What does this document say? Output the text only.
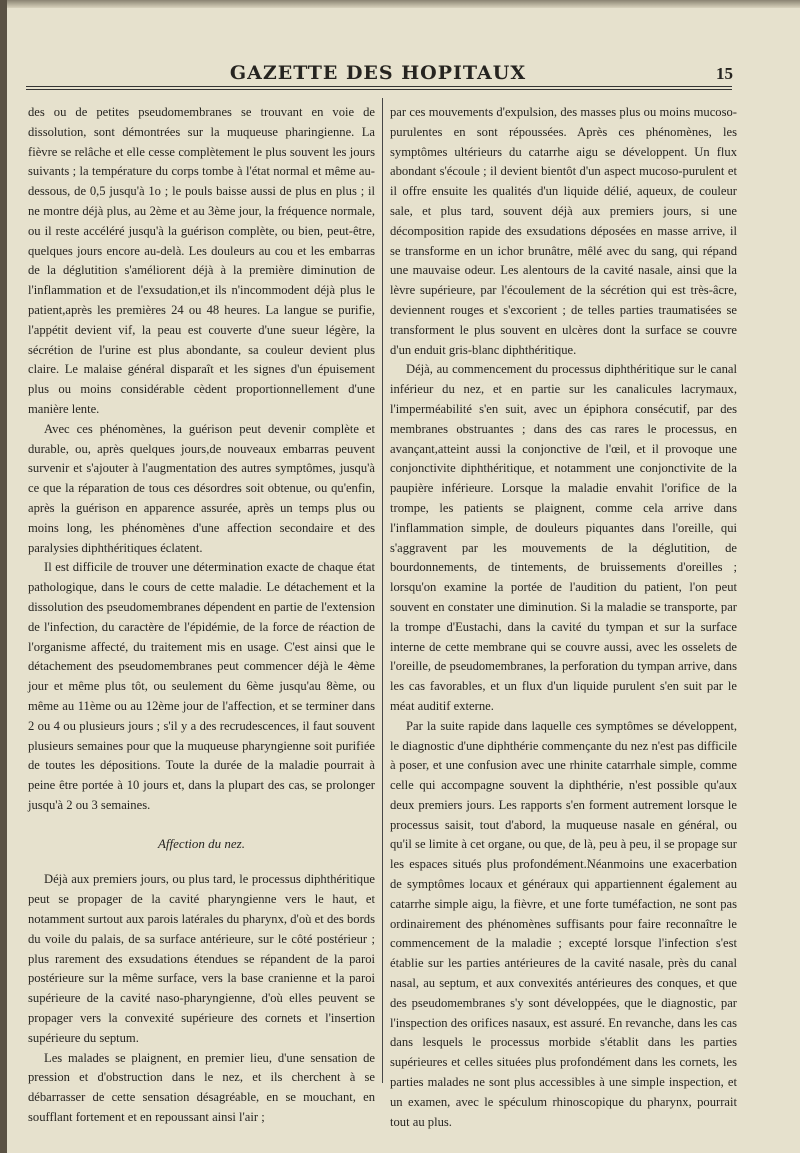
GAZETTE DES HOPITAUX	15

des ou de petites pseudomembranes se trouvant en voie de dissolution, sont démontrées sur la muqueuse pharingienne. La fièvre se relâche et elle cesse complètement le plus souvent les jours suivants ; la température du corps tombe à l'état normal et même au-dessous, de 0,5 jusqu'à 1o ; le pouls baisse aussi de plus en plus ; il ne montre déjà plus, au 2ème et au 3ème jour, la fréquence normale, ou il reste accéléré jusqu'à la guérison complète, ou bien, peut-être, quelques jours encore au-delà. Les douleurs au cou et les embarras de la déglutition s'améliorent déjà à la première diminution de l'inflammation et de l'exsudation,et ils n'incommodent déjà plus le patient,après les premières 24 ou 48 heures. La langue se purifie, l'appétit devient vif, la peau est couverte d'une sueur légère, la sécrétion de l'urine est plus abondante, sa couleur devient plus claire. Le malaise général disparaît et les signes d'un épuisement plus ou moins considérable cèdent proportionnellement d'une manière lente.

Avec ces phénomènes, la guérison peut devenir complète et durable, ou, après quelques jours,de nouveaux embarras peuvent survenir et s'ajouter à l'augmentation des autres symptômes, jusqu'à ce que la réparation de tous ces désordres soit obtenue, ou qu'enfin, après la guérison en apparence assurée, après un temps plus ou moins long, les phénomènes d'une affection secondaire et des paralysies diphthéritiques éclatent.

Il est difficile de trouver une détermination exacte de chaque état pathologique, dans le cours de cette maladie. Le détachement et la dissolution des pseudomembranes dépendent en partie de l'extension de l'infection, du caractère de l'épidémie, de la force de réaction de l'organisme affecté, du traitement mis en usage. C'est ainsi que le détachement des pseudomembranes peut commencer déjà le 4ème jour et même plus tôt, ou seulement du 6ème jusqu'au 8ème, ou même au 11ème ou au 12ème jour de l'affection, et se terminer dans 2 ou 4 ou plusieurs jours ; s'il y a des recrudescences, il faut souvent plusieurs semaines pour que la muqueuse pharyngienne soit purifiée de toutes les dépositions. Toute la durée de la maladie pourrait à peine être portée à 10 jours et, dans la plupart des cas, se prolonger jusqu'à 2 ou 3 semaines.

Affection du nez.

Déjà aux premiers jours, ou plus tard, le processus diphthéritique peut se propager de la cavité pharyngienne vers le haut, et notamment surtout aux parois latérales du pharynx, d'où et des bords du voile du palais, de sa surface antérieure, sur le côté postérieur ; plus rarement des exsudations étendues se répandent de la paroi postérieure sur la même surface, vers la base cranienne et la paroi supérieure de la cavité naso-pharyngienne, d'où elles peuvent se propager vers la convexité supérieure des cornets et l'insertion supérieure du septum.

Les malades se plaignent, en premier lieu, d'une sensation de pression et d'obstruction dans le nez, et ils cherchent à se débarrasser de cette sensation désagréable, en se mouchant, en soufflant fortement et en repoussant ainsi l'air ;

par ces mouvements d'expulsion, des masses plus ou moins mucoso-purulentes en sont répoussées. Après ces phénomènes, les symptômes ultérieurs du catarrhe aigu se développent. Un flux abondant s'écoule ; il devient bientôt d'un aspect mucoso-purulent et il offre ensuite les qualités d'un liquide délié, aqueux, de couleur sale, et plus tard, souvent déjà aux premiers jours, si une décomposition rapide des exsudations déposées en masse arrive, il se transforme en un ichor brunâtre, mêlé avec du sang, qui répand une mauvaise odeur. Les alentours de la cavité nasale, ainsi que la lèvre supérieure, par l'écoulement de la sécrétion qui est très-âcre, deviennent rouges et s'excorient ; de telles parties traumatisées se transforment le plus souvent en ulcères dont la surface se couvre d'un enduit gris-blanc diphthéritique.

Déjà, au commencement du processus diphthéritique sur le canal inférieur du nez, et en partie sur les canalicules lacrymaux, l'imperméabilité s'en suit, avec un épiphora consécutif, par des membranes obstruantes ; dans des cas rares le processus, en avançant,atteint aussi la conjonctive de l'œil, et il provoque une conjonctivite diphthéritique, et notamment une conjonctivite de la paupière inférieure. Lorsque la maladie envahit l'orifice de la trompe, les patients se plaignent, comme cela arrive dans l'inflammation simple, de douleurs piquantes dans l'oreille, qui s'aggravent par les mouvements de la déglutition, de bourdonnements, de tintements, de bruissements d'oreilles ; lorsqu'on examine la portée de l'audition du patient, l'on peut souvent en constater une diminution. Si la maladie se transporte, par la trompe d'Eustachi, dans la cavité du tympan et sur la surface interne de cette membrane qui se couvre aussi, avec les osselets de l'oreille, de pseudomembranes, la perforation du tympan arrive, dans les cas favorables, et un flux d'un liquide purulent s'en suit par le méat auditif externe.

Par la suite rapide dans laquelle ces symptômes se développent, le diagnostic d'une diphthérie commençante du nez n'est pas difficile à poser, et une confusion avec une rhinite catarrhale simple, comme celle qui accompagne souvent la diphthérie, n'est possible qu'aux deux premiers jours. Les rapports s'en forment autrement lorsque le processus saisit, tout d'abord, la muqueuse nasale en général, ou qu'il se limite à cet organe, ou que, de là, peu à peu, il se propage sur les espaces situés plus profondément.Néanmoins une exacerbation de symptômes locaux et généraux qui appartiennent également au catarrhe simple aigu, la fièvre, et une forte tuméfaction, ne sont pas ordinairement des phénomènes suffisants pour faire reconnaître le commencement de la maladie ; excepté lorsque l'infection s'est établie sur les parties antérieures de la cavité nasale, près du canal nasal, au septum, et aux convexités antérieures des conques, et que des pseudomembranes s'y sont développées, que le diagnostic, par l'inspection des orifices nasaux, est assuré. En revanche, dans les cas dans lesquels le processus morbide s'établit dans les parties supérieures et celles situées plus profondément dans les cornets, les parties malades ne sont plus accessibles à une simple inspection, et un examen, avec le spéculum rhinoscopique du pharynx, pourrait tout au plus.
